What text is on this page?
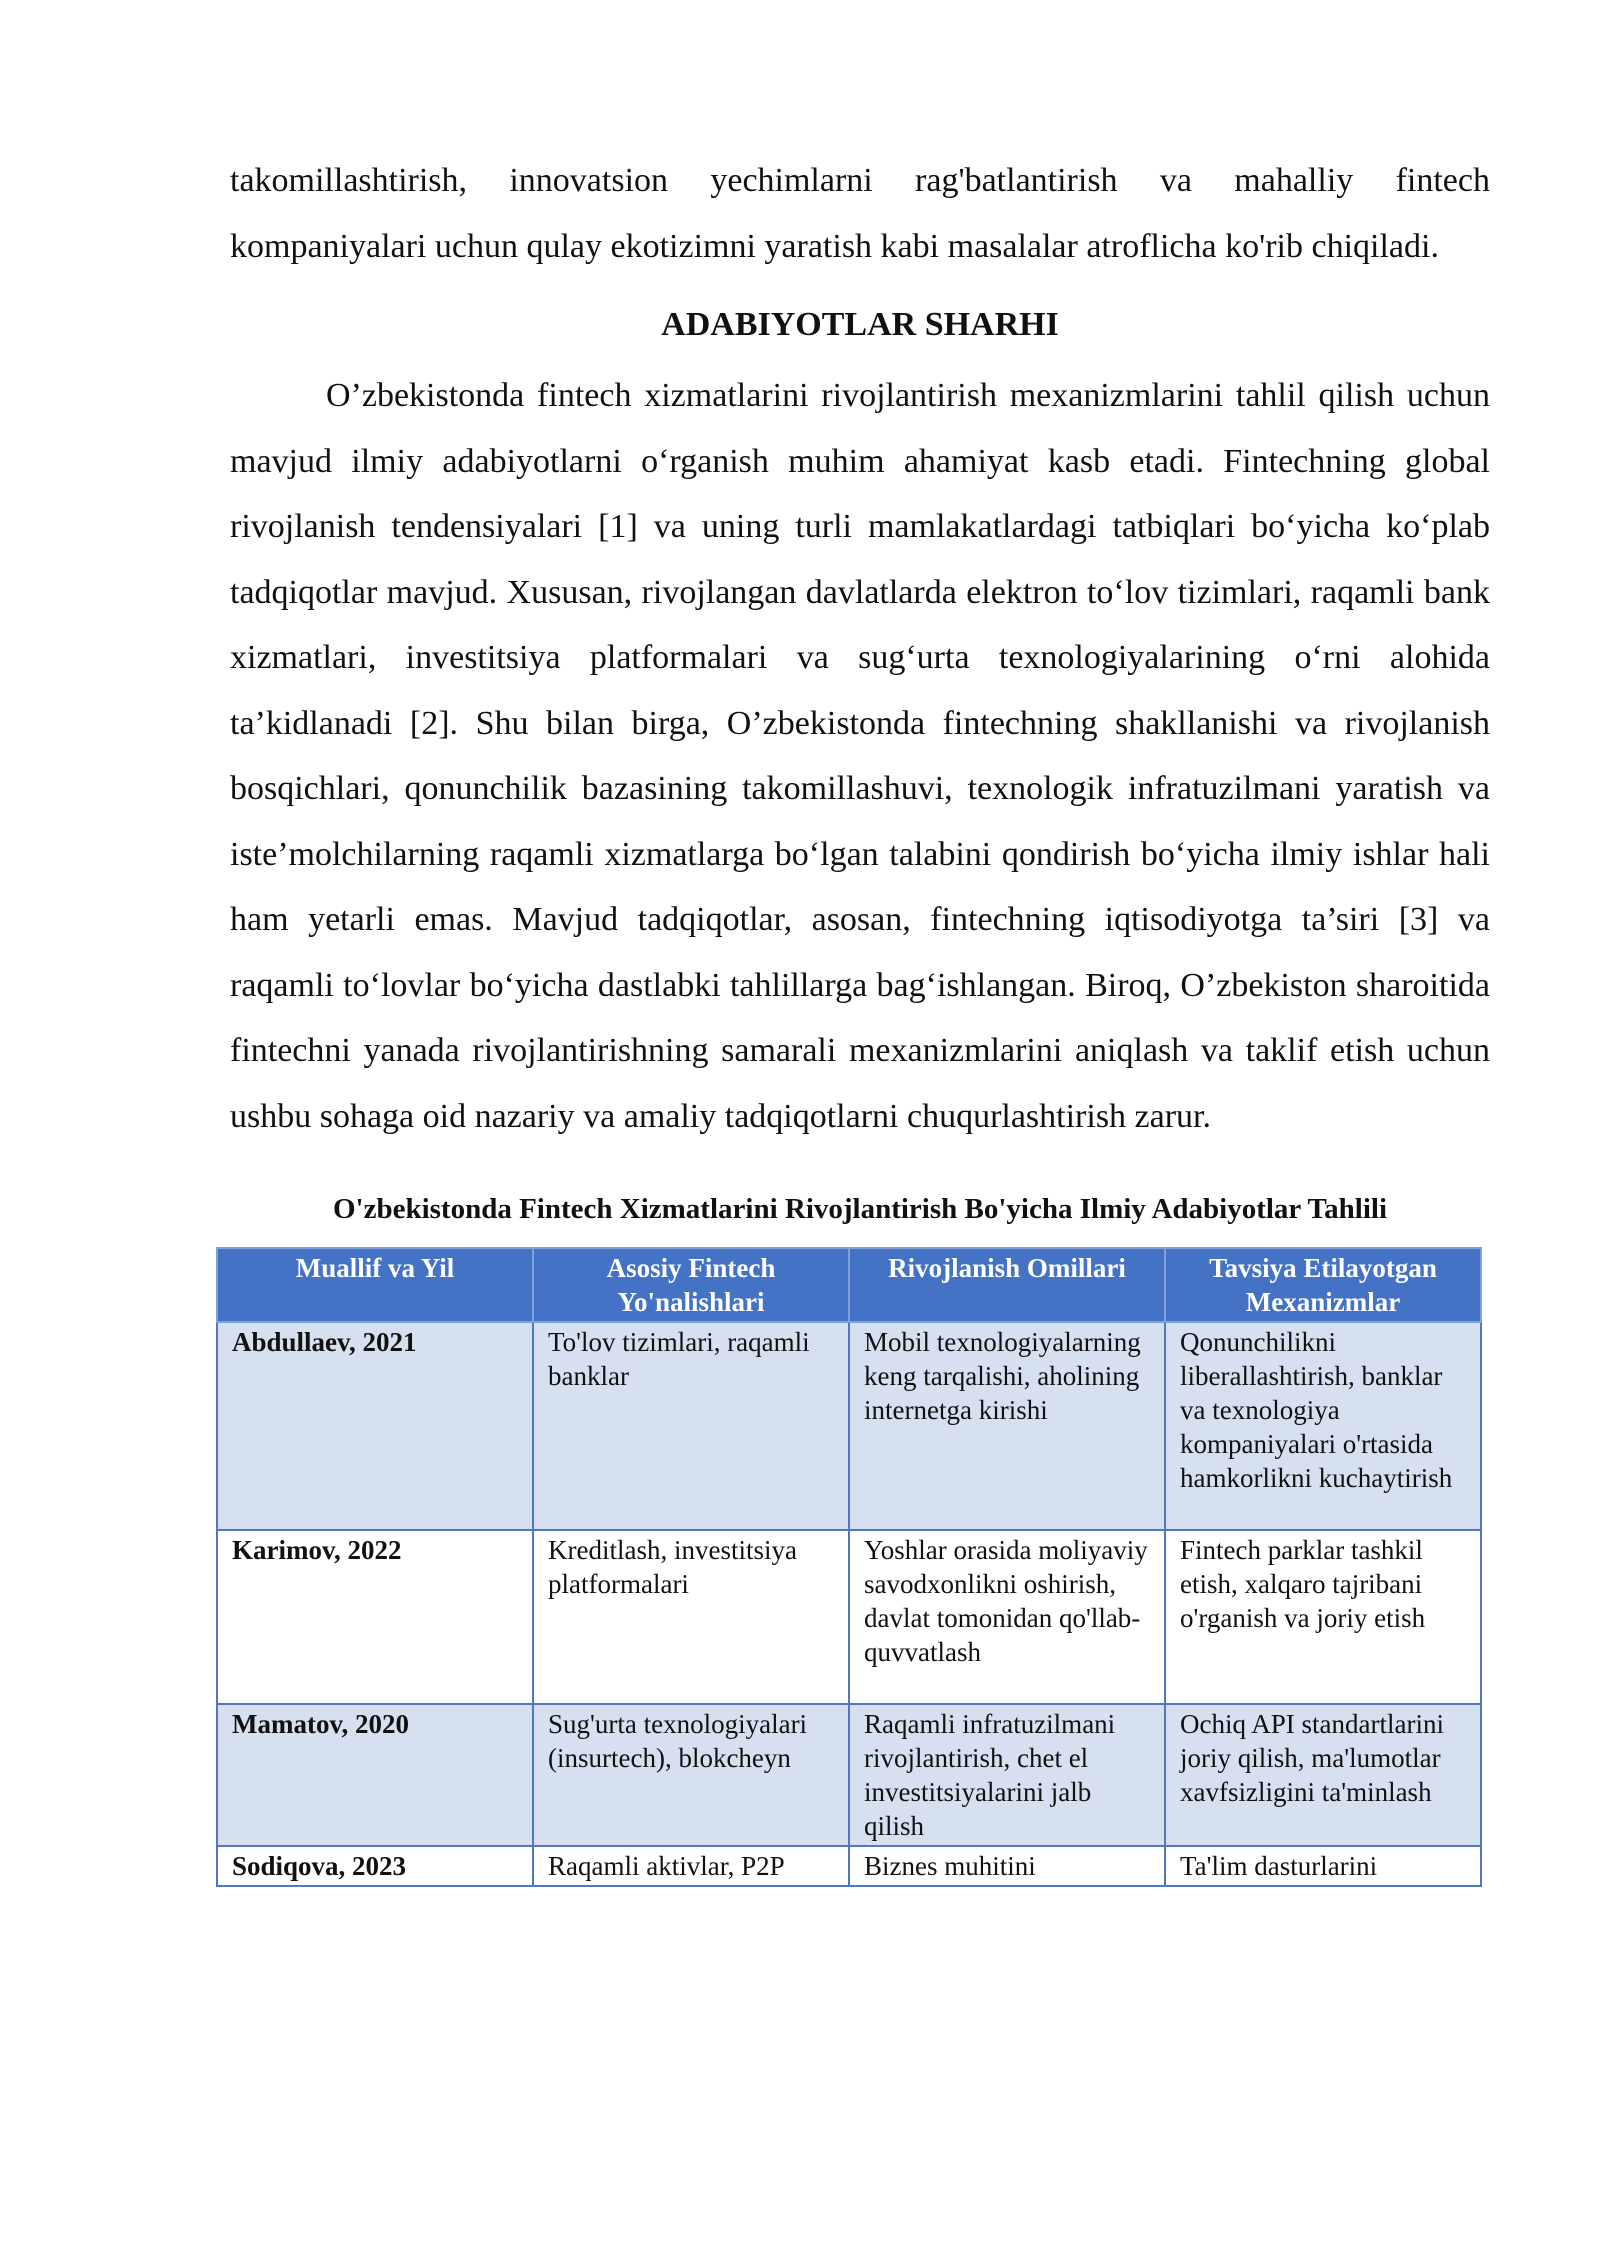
takomillashtirish, innovatsion yechimlarni rag'batlantirish va mahalliy fintech kompaniyalari uchun qulay ekotizimni yaratish kabi masalalar atroflicha ko'rib chiqiladi.

ADABIYOTLAR SHARHI

O’zbekistonda fintech xizmatlarini rivojlantirish mexanizmlarini tahlil qilish uchun mavjud ilmiy adabiyotlarni o‘rganish muhim ahamiyat kasb etadi. Fintechning global rivojlanish tendensiyalari [1] va uning turli mamlakatlardagi tatbiqlari bo‘yicha ko‘plab tadqiqotlar mavjud. Xususan, rivojlangan davlatlarda elektron to‘lov tizimlari, raqamli bank xizmatlari, investitsiya platformalari va sug‘urta texnologiyalarining o‘rni alohida ta’kidlanadi [2]. Shu bilan birga, O’zbekistonda fintechning shakllanishi va rivojlanish bosqichlari, qonunchilik bazasining takomillashuvi, texnologik infratuzilmani yaratish va iste’molchilarning raqamli xizmatlarga bo‘lgan talabini qondirish bo‘yicha ilmiy ishlar hali ham yetarli emas. Mavjud tadqiqotlar, asosan, fintechning iqtisodiyotga ta’siri [3] va raqamli to‘lovlar bo‘yicha dastlabki tahlillarga bag‘ishlangan. Biroq, O’zbekiston sharoitida fintechni yanada rivojlantirishning samarali mexanizmlarini aniqlash va taklif etish uchun ushbu sohaga oid nazariy va amaliy tadqiqotlarni chuqurlashtirish zarur.

O'zbekistonda Fintech Xizmatlarini Rivojlantirish Bo'yicha Ilmiy Adabiyotlar Tahlili
Muallif va Yil	Asosiy Fintech Yo'nalishlari	Rivojlanish Omillari	Tavsiya Etilayotgan Mexanizmlar
Abdullaev, 2021	To'lov tizimlari, raqamli banklar	Mobil texnologiyalarning keng tarqalishi, aholining internetga kirishi	Qonunchilikni liberallashtirish, banklar va texnologiya kompaniyalari o'rtasida hamkorlikni kuchaytirish
Karimov, 2022	Kreditlash, investitsiya platformalari	Yoshlar orasida moliyaviy savodxonlikni oshirish, davlat tomonidan qo'llab-quvvatlash	Fintech parklar tashkil etish, xalqaro tajribani o'rganish va joriy etish
Mamatov, 2020	Sug'urta texnologiyalari (insurtech), blokcheyn	Raqamli infratuzilmani rivojlantirish, chet el investitsiyalarini jalb qilish	Ochiq API standartlarini joriy qilish, ma'lumotlar xavfsizligini ta'minlash
Sodiqova, 2023	Raqamli aktivlar, P2P	Biznes muhitini	Ta'lim dasturlarini
